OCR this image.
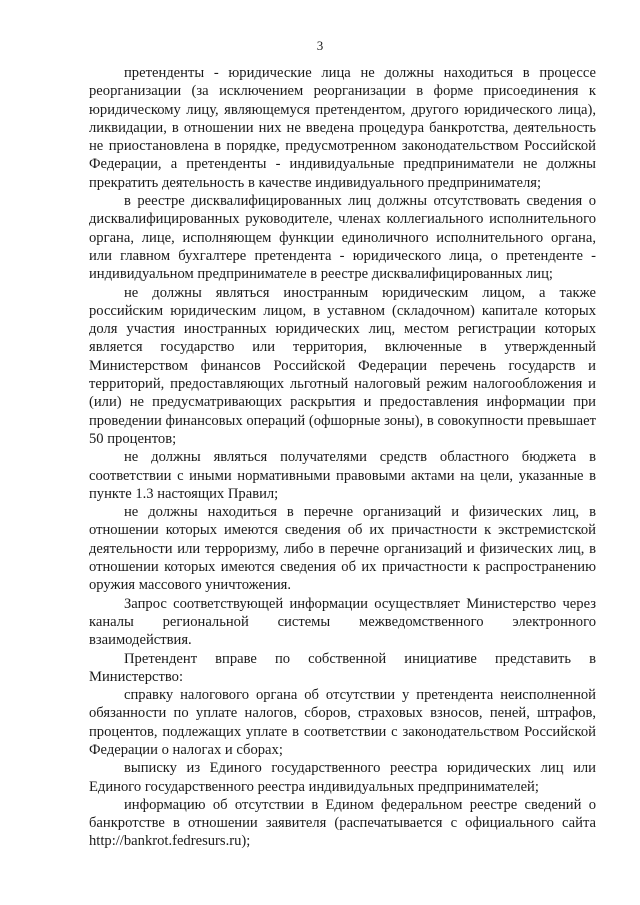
3

претенденты - юридические лица не должны находиться в процессе реорганизации (за исключением реорганизации в форме присоединения к юридическому лицу, являющемуся претендентом, другого юридического лица), ликвидации, в отношении них не введена процедура банкротства, деятельность не приостановлена в порядке, предусмотренном законодательством Российской Федерации, а претенденты - индивидуальные предприниматели не должны прекратить деятельность в качестве индивидуального предпринимателя;

в реестре дисквалифицированных лиц должны отсутствовать сведения о дисквалифицированных руководителе, членах коллегиального исполнительного органа, лице, исполняющем функции единоличного исполнительного органа, или главном бухгалтере претендента - юридического лица, о претенденте - индивидуальном предпринимателе в реестре дисквалифицированных лиц;

не должны являться иностранным юридическим лицом, а также российским юридическим лицом, в уставном (складочном) капитале которых доля участия иностранных юридических лиц, местом регистрации которых является государство или территория, включенные в утвержденный Министерством финансов Российской Федерации перечень государств и территорий, предоставляющих льготный налоговый режим налогообложения и (или) не предусматривающих раскрытия и предоставления информации при проведении финансовых операций (офшорные зоны), в совокупности превышает 50 процентов;

не должны являться получателями средств областного бюджета в соответствии с иными нормативными правовыми актами на цели, указанные в пункте 1.3 настоящих Правил;

не должны находиться в перечне организаций и физических лиц, в отношении которых имеются сведения об их причастности к экстремистской деятельности или терроризму, либо в перечне организаций и физических лиц, в отношении которых имеются сведения об их причастности к распространению оружия массового уничтожения.

Запрос соответствующей информации осуществляет Министерство через каналы региональной системы межведомственного электронного взаимодействия.

Претендент вправе по собственной инициативе представить в Министерство:

справку налогового органа об отсутствии у претендента неисполненной обязанности по уплате налогов, сборов, страховых взносов, пеней, штрафов, процентов, подлежащих уплате в соответствии с законодательством Российской Федерации о налогах и сборах;

выписку из Единого государственного реестра юридических лиц или Единого государственного реестра индивидуальных предпринимателей;

информацию об отсутствии в Едином федеральном реестре сведений о банкротстве в отношении заявителя (распечатывается с официального сайта http://bankrot.fedresurs.ru);
